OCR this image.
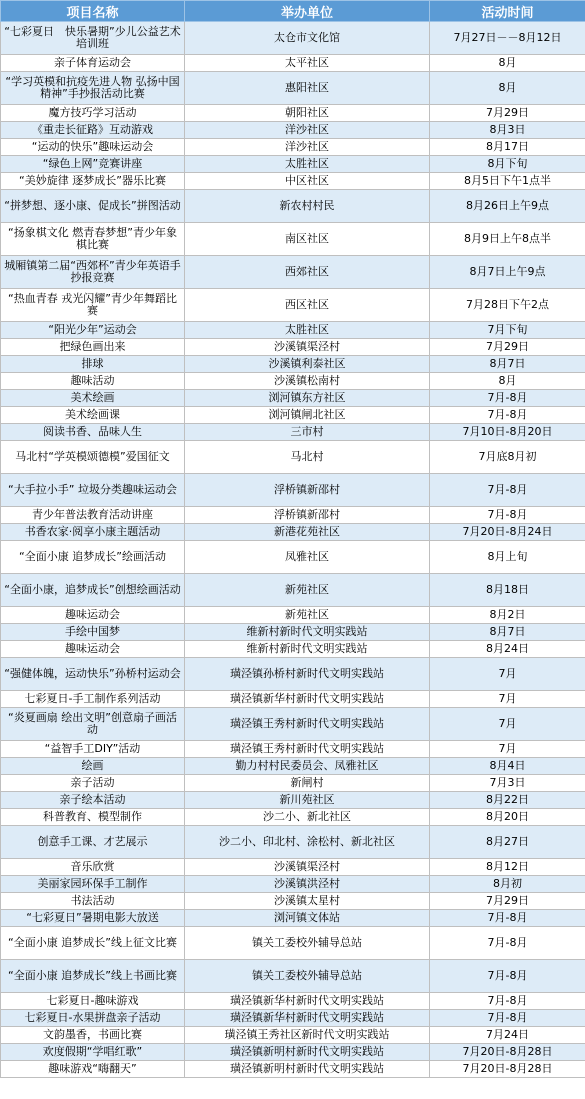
项目名称	举办单位	活动时间
“七彩夏日　快乐暑期”少儿公益艺术培训班	太仓市文化馆	7月27日－－8月12日
亲子体育运动会	太平社区	8月
“学习英模和抗疫先进人物 弘扬中国精神”手抄报活动比赛	惠阳社区	8月
魔方技巧学习活动	朝阳社区	7月29日
《重走长征路》互动游戏	洋沙社区	8月3日
“运动的快乐”趣味运动会	洋沙社区	8月17日
“绿色上网”竞赛讲座	太胜社区	8月下旬
“美妙旋律 逐梦成长”器乐比赛	中区社区	8月5日下午1点半
“拼梦想、逐小康、促成长”拼图活动	新农村村民	8月26日上午9点
“扬象棋文化 燃青春梦想”青少年象棋比赛	南区社区	8月9日上午8点半
城厢镇第二届“西郊杯”青少年英语手抄报竞赛	西郊社区	8月7日上午9点
“热血青春 戎光闪耀”青少年舞蹈比赛	西区社区	7月28日下午2点
“阳光少年”运动会	太胜社区	7月下旬
把绿色画出来	沙溪镇渠泾村	7月29日
排球	沙溪镇利泰社区	8月7日
趣味活动	沙溪镇松南村	8月
美术绘画	浏河镇东方社区	7月-8月
美术绘画课	浏河镇闸北社区	7月-8月
阅读书香、品味人生	三市村	7月10日-8月20日
马北村“学英模颂德模”爱国征文	马北村	7月底8月初
“大手拉小手” 垃圾分类趣味运动会	浮桥镇新邵村	7月-8月
青少年普法教育活动讲座	浮桥镇新邵村	7月-8月
书香农家·阅享小康主题活动	新港花苑社区	7月20日-8月24日
“全面小康 追梦成长”绘画活动	凤雅社区	8月上旬
“全面小康，追梦成长”创想绘画活动	新苑社区	8月18日
趣味运动会	新苑社区	8月2日
手绘中国梦	维新村新时代文明实践站	8月7日
趣味运动会	维新村新时代文明实践站	8月24日
“强健体魄，运动快乐”孙桥村运动会	璜泾镇孙桥村新时代文明实践站	7月
七彩夏日-手工制作系列活动	璜泾镇新华村新时代文明实践站	7月
“炎夏画扇 绘出文明”创意扇子画活动	璜泾镇王秀村新时代文明实践站	7月
“益智手工DIY”活动	璜泾镇王秀村新时代文明实践站	7月
绘画	勤力村村民委员会、凤雅社区	8月4日
亲子活动	新闸村	7月3日
亲子绘本活动	新川苑社区	8月22日
科普教育、模型制作	沙二小、新北社区	8月20日
创意手工课、才艺展示	沙二小、印北村、涂松村、新北社区	8月27日
音乐欣赏	沙溪镇渠泾村	8月12日
美丽家园环保手工制作	沙溪镇洪泾村	8月初
书法活动	沙溪镇太星村	7月29日
“七彩夏日”暑期电影大放送	浏河镇文体站	7月-8月
“全面小康 追梦成长”线上征文比赛	镇关工委校外辅导总站	7月-8月
“全面小康 追梦成长”线上书画比赛	镇关工委校外辅导总站	7月-8月
七彩夏日-趣味游戏	璜泾镇新华村新时代文明实践站	7月-8月
七彩夏日-水果拼盘亲子活动	璜泾镇新华村新时代文明实践站	7月-8月
文韵墨香，书画比赛	璜泾镇王秀社区新时代文明实践站	7月24日
欢度假期“学唱红歌”	璜泾镇新明村新时代文明实践站	7月20日-8月28日
趣味游戏“嗨翻天”	璜泾镇新明村新时代文明实践站	7月20日-8月28日
